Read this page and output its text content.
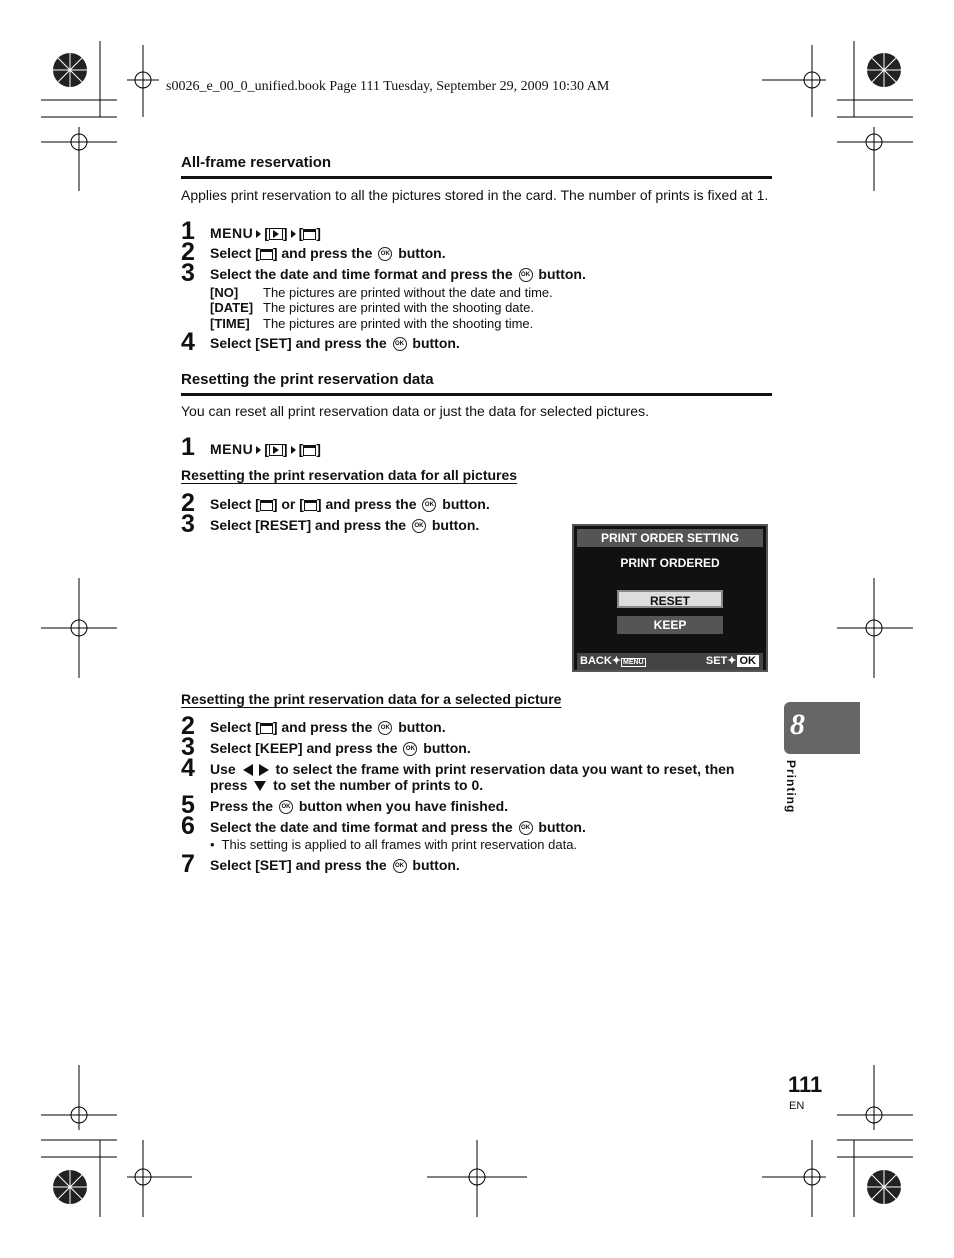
s0026_e_00_0_unified.book Page 111 Tuesday, September 29, 2009 10:30 AM
All-frame reservation
Applies print reservation to all the pictures stored in the card. The number of prints is fixed at 1.
1	MENU [ ] [ ]
2	Select [ ] and press the OK button.
3	Select the date and time format and press the OK button.
[NO] The pictures are printed without the date and time.
[DATE] The pictures are printed with the shooting date.
[TIME] The pictures are printed with the shooting time.
4	Select [SET] and press the OK button.
Resetting the print reservation data
You can reset all print reservation data or just the data for selected pictures.
1	MENU [ ] [ ]
Resetting the print reservation data for all pictures
2	Select [ ] or [ ] and press the OK button.
3	Select [RESET] and press the OK button.
PRINT ORDER SETTING
PRINT ORDERED
RESET
KEEP
BACK✦ MENU	SET✦ OK
Resetting the print reservation data for a selected picture
2	Select [ ] and press the OK button.
3	Select [KEEP] and press the OK button.
4	Use	to select the frame with print reservation data you want to reset, then
press to set the number of prints to 0.
5	Press the OK button when you have finished.
6	Select the date and time format and press the OK button.
•  This setting is applied to all frames with print reservation data.
7	Select [SET] and press the OK button.
8
Printing
111
EN
